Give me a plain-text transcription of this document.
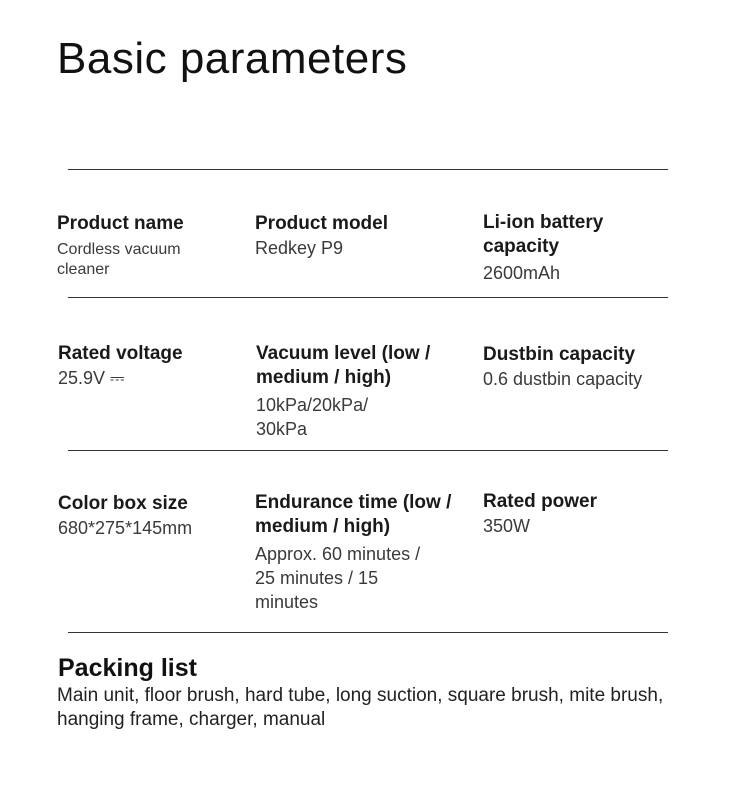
Basic parameters
Product name
Cordless vacuum cleaner
Product model
Redkey P9
Li-ion battery capacity
2600mAh
Rated voltage
25.9V ⎓
Vacuum level (low / medium / high)
10kPa/20kPa/ 30kPa
Dustbin capacity
0.6 dustbin capacity
Color box size
680*275*145mm
Endurance time (low / medium / high)
Approx. 60 minutes / 25 minutes / 15 minutes
Rated power
350W
Packing list
Main unit, floor brush, hard tube, long suction, square brush, mite brush, hanging frame, charger, manual
